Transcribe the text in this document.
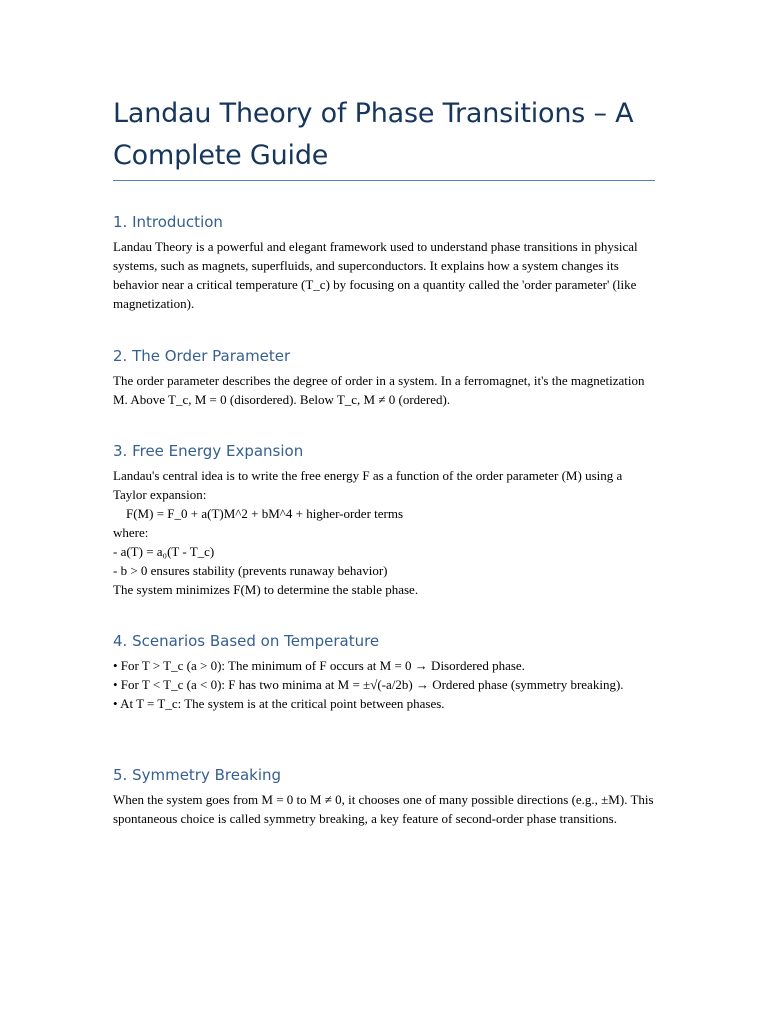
Landau Theory of Phase Transitions – A Complete Guide
1. Introduction

Landau Theory is a powerful and elegant framework used to understand phase transitions in physical systems, such as magnets, superfluids, and superconductors. It explains how a system changes its behavior near a critical temperature (T_c) by focusing on a quantity called the 'order parameter' (like magnetization).

2. The Order Parameter

The order parameter describes the degree of order in a system. In a ferromagnet, it's the magnetization M. Above T_c, M = 0 (disordered). Below T_c, M ≠ 0 (ordered).

3. Free Energy Expansion

Landau's central idea is to write the free energy F as a function of the order parameter (M) using a Taylor expansion:

F(M) = F_0 + a(T)M^2 + bM^4 + higher-order terms
where:
- a(T) = a₀(T - T_c)
- b > 0 ensures stability (prevents runaway behavior)
The system minimizes F(M) to determine the stable phase.
4. Scenarios Based on Temperature

• For T > T_c (a > 0): The minimum of F occurs at M = 0 → Disordered phase.

• For T < T_c (a < 0): F has two minima at M = ±√(-a/2b) → Ordered phase (symmetry breaking).

• At T = T_c: The system is at the critical point between phases.

5. Symmetry Breaking

When the system goes from M = 0 to M ≠ 0, it chooses one of many possible directions (e.g., ±M). This spontaneous choice is called symmetry breaking, a key feature of second-order phase transitions.
